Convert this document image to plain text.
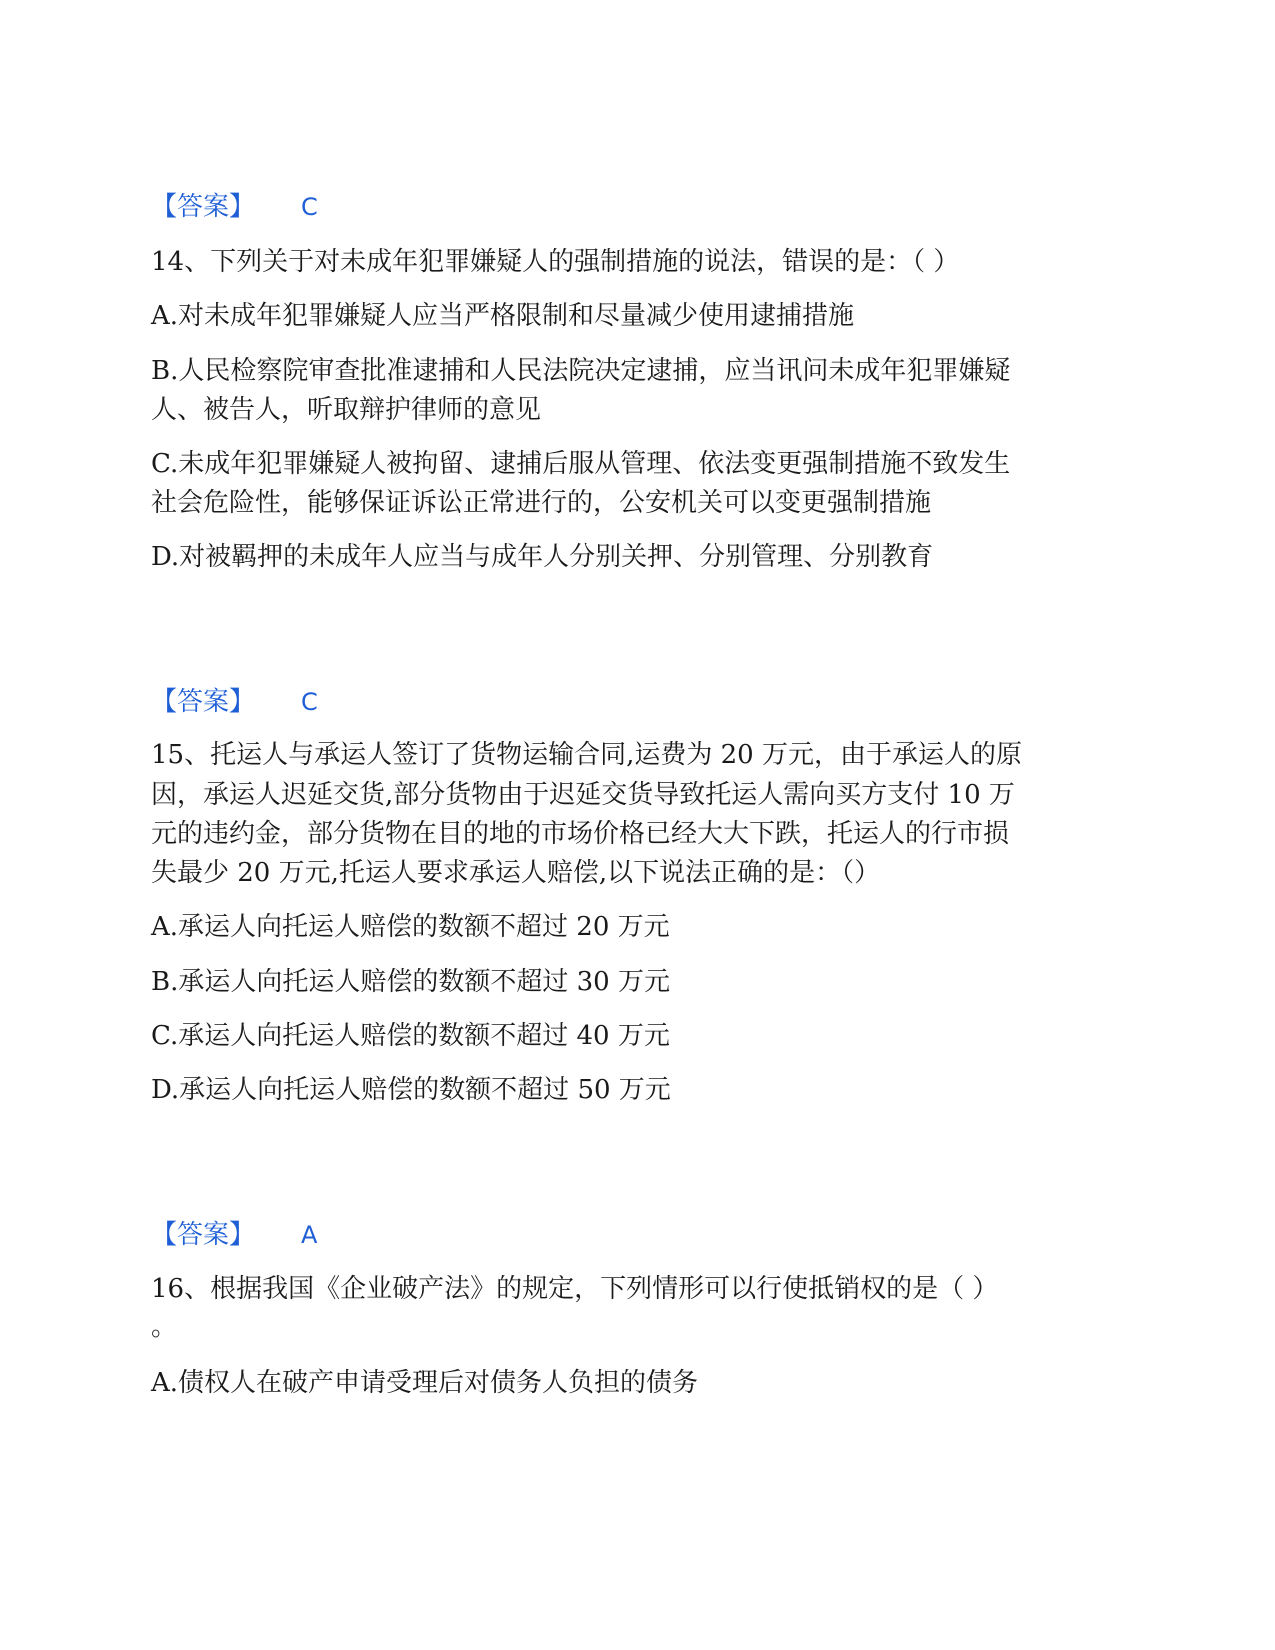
【答案】 C
14、下列关于对未成年犯罪嫌疑人的强制措施的说法，错误的是：（ ）
A.对未成年犯罪嫌疑人应当严格限制和尽量减少使用逮捕措施
B.人民检察院审查批准逮捕和人民法院决定逮捕，应当讯问未成年犯罪嫌疑
人、被告人，听取辩护律师的意见
C.未成年犯罪嫌疑人被拘留、逮捕后服从管理、依法变更强制措施不致发生
社会危险性，能够保证诉讼正常进行的，公安机关可以变更强制措施
D.对被羁押的未成年人应当与成年人分别关押、分别管理、分别教育
【答案】 C
15、托运人与承运人签订了货物运输合同,运费为 20 万元，由于承运人的原
因，承运人迟延交货,部分货物由于迟延交货导致托运人需向买方支付 10 万
元的违约金，部分货物在目的地的市场价格已经大大下跌，托运人的行市损
失最少 20 万元,托运人要求承运人赔偿,以下说法正确的是：（）
A.承运人向托运人赔偿的数额不超过 20 万元
B.承运人向托运人赔偿的数额不超过 30 万元
C.承运人向托运人赔偿的数额不超过 40 万元
D.承运人向托运人赔偿的数额不超过 50 万元
【答案】 A
16、根据我国《企业破产法》的规定，下列情形可以行使抵销权的是（ ）
。
A.债权人在破产申请受理后对债务人负担的债务
